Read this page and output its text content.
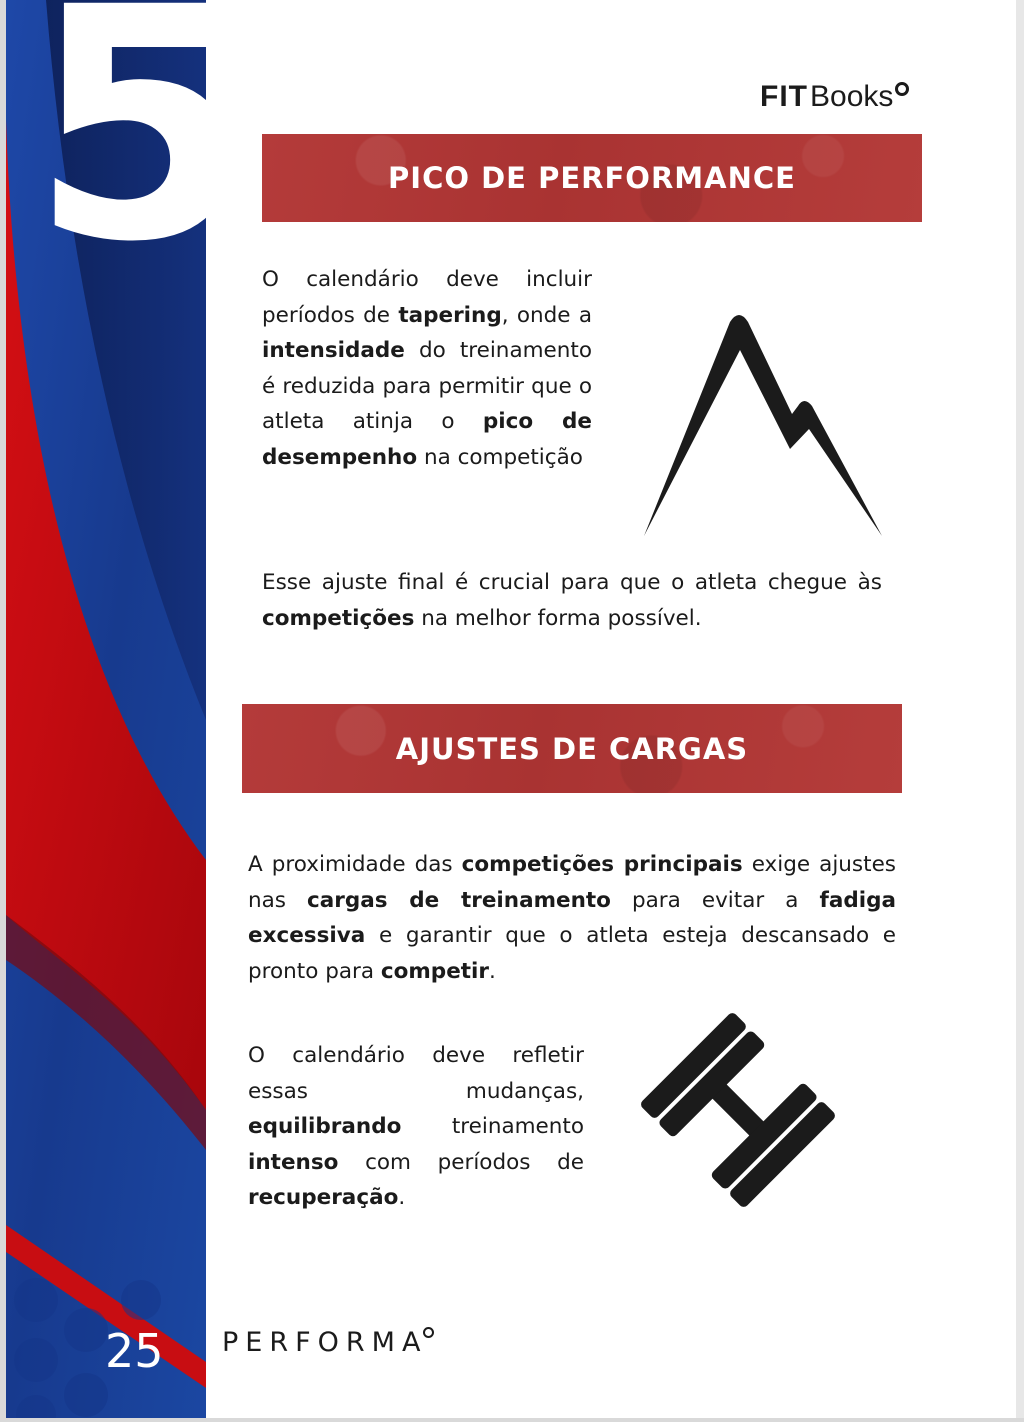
5
25
FIT Books
PICO DE PERFORMANCE

O calendário deve incluir períodos de tapering, onde a intensidade do treinamento é reduzida para permitir que o atleta atinja o pico de desempenho na competição

Esse ajuste final é crucial para que o atleta chegue às competições na melhor forma possível.

AJUSTES DE CARGAS

A proximidade das competições principais exige ajustes nas cargas de treinamento para evitar a fadiga excessiva e garantir que o atleta esteja descansado e pronto para competir.

O calendário deve refletir essas mudanças, equilibrando treinamento intenso com períodos de recuperação.

PERFORMA
